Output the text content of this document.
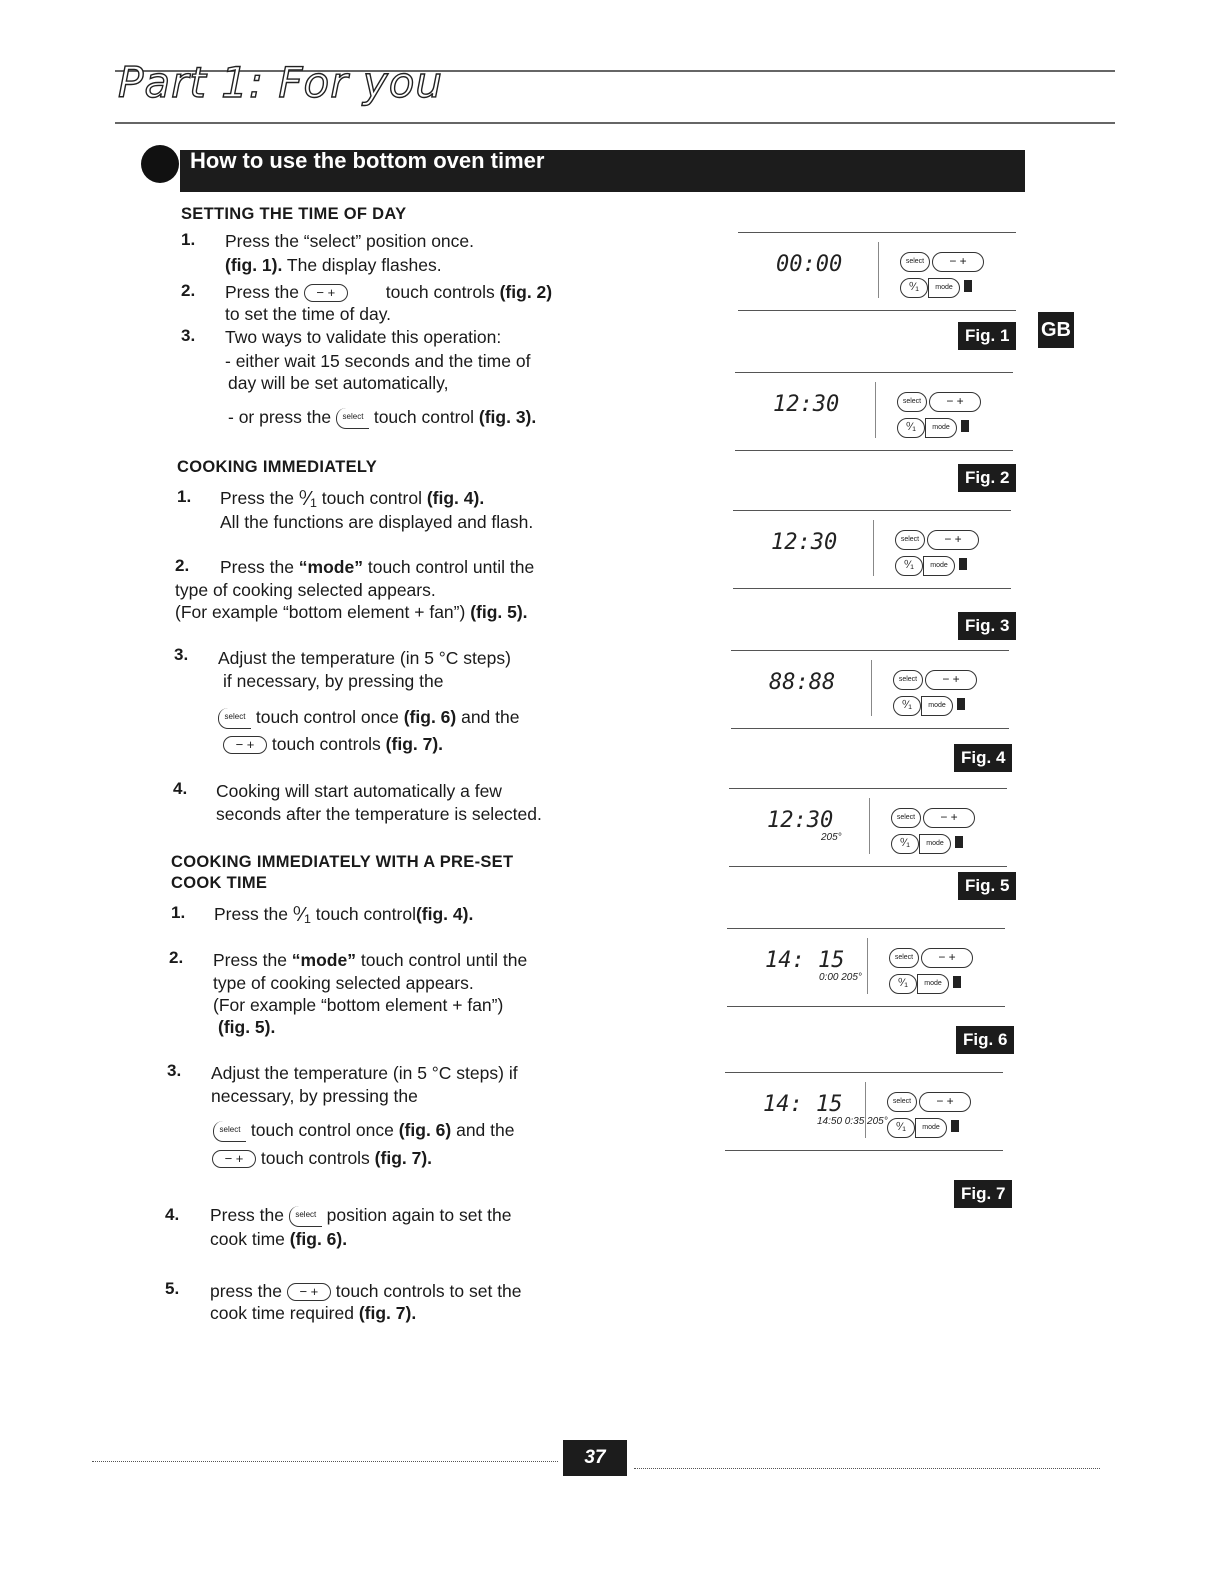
Part 1: For you
How to use the bottom oven timer
GB
SETTING THE TIME OF DAY
1. Press the “select” position once.
(fig. 1). The display flashes.
2. Press the − +	touch controls (fig. 2)
to set the time of day.
3. Two ways to validate this operation:
- either wait 15 seconds and the time of
day will be set automatically,
- or press the select touch control (fig. 3).
COOKING IMMEDIATELY
1. Press the ⁰⁄₁ touch control (fig. 4).
All the functions are displayed and flash.
2. Press the “mode” touch control until the
type of cooking selected appears.
(For example “bottom element + fan”) (fig. 5).
3. Adjust the temperature (in 5 °C steps)
if necessary, by pressing the
select touch control once (fig. 6) and the
− + touch controls (fig. 7).
4. Cooking will start automatically a few
seconds after the temperature is selected.
COOKING IMMEDIATELY WITH A PRE-SET
COOK TIME
1. Press the ⁰⁄₁ touch control(fig. 4).
2. Press the “mode” touch control until the
type of cooking selected appears.
(For example “bottom element + fan”)
(fig. 5).
3. Adjust the temperature (in 5 °C steps) if
necessary, by pressing the
select touch control once (fig. 6) and the
− + touch controls (fig. 7).
4. Press the select position again to set the
cook time (fig. 6).
5. press the − + touch controls to set the
cook time required (fig. 7).
00:00	select	− +
⁰⁄₁	mode
Fig. 1
12:30	select	− +
⁰⁄₁	mode
Fig. 2
12:30	select	− +
⁰⁄₁	mode
Fig. 3
88:88	select	− +
⁰⁄₁	mode
Fig. 4
12:30
205°
select	− +
⁰⁄₁	mode
Fig. 5
14: 15
0:00 205°
select	− +
⁰⁄₁	mode
Fig. 6
14: 15
14:50 0:35 205°
select	− +
⁰⁄₁	mode
Fig. 7
37
